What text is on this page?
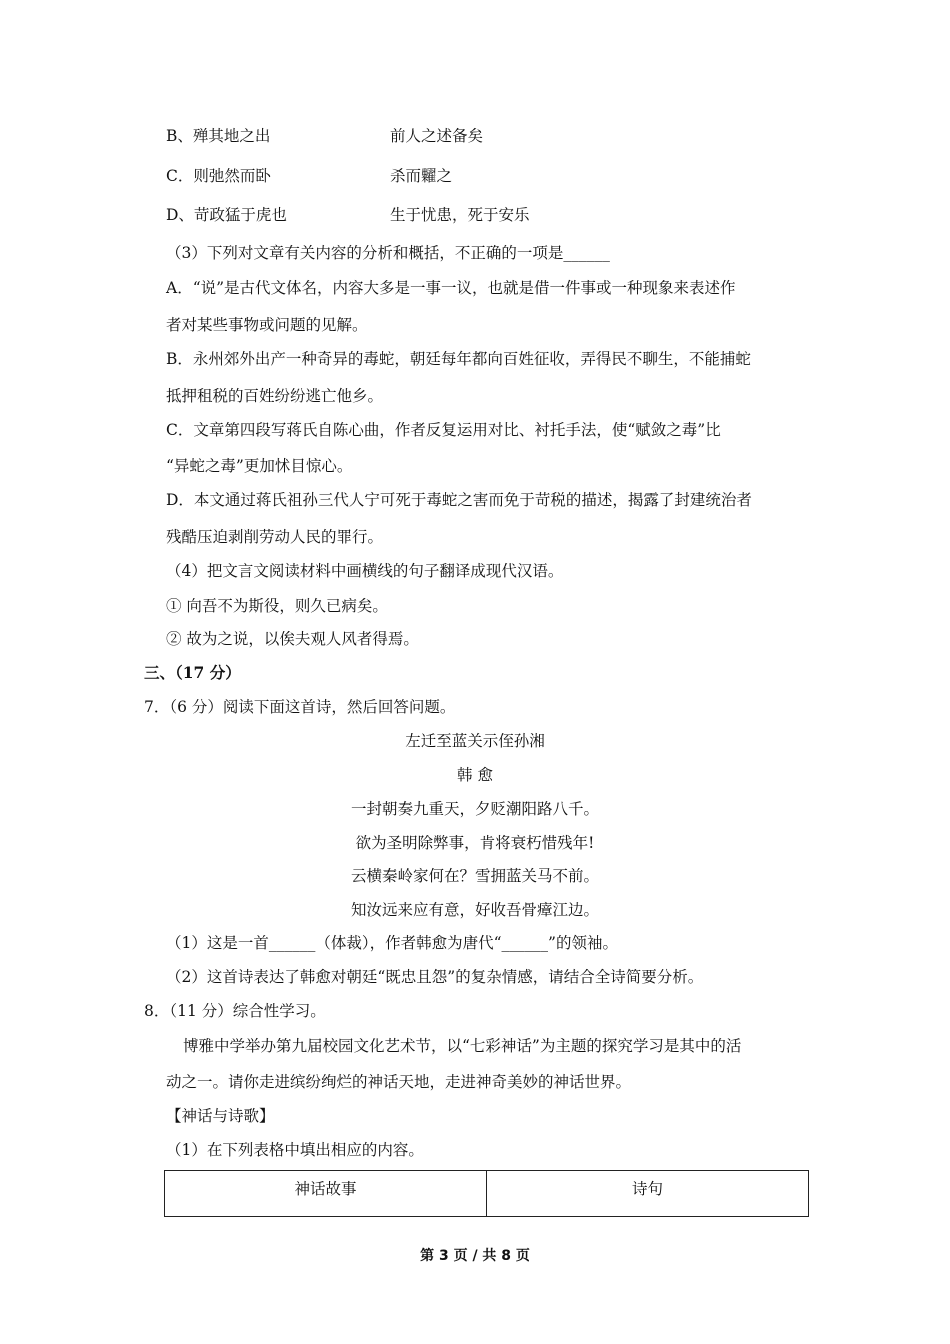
B、殚其地之出	前人之述备矣
C．则弛然而卧	杀而糶之
D、苛政猛于虎也	生于忧患，死于安乐
（3）下列对文章有关内容的分析和概括，不正确的一项是______
A．“说”是古代文体名，内容大多是一事一议，也就是借一件事或一种现象来表述作
者对某些事物或问题的见解。
B．永州郊外出产一种奇异的毒蛇，朝廷每年都向百姓征收，弄得民不聊生，不能捕蛇
抵押租税的百姓纷纷逃亡他乡。
C．文章第四段写蒋氏自陈心曲，作者反复运用对比、衬托手法，使“赋敛之毒”比
“异蛇之毒”更加怵目惊心。
D．本文通过蒋氏祖孙三代人宁可死于毒蛇之害而免于苛税的描述，揭露了封建统治者
残酷压迫剥削劳动人民的罪行。
（4）把文言文阅读材料中画横线的句子翻译成现代汉语。
① 向吾不为斯役，则久已病矣。
② 故为之说，以俟夫观人风者得焉。
三、（17 分）
7．（6 分）阅读下面这首诗，然后回答问题。
左迁至蓝关示侄孙湘
韩 愈
一封朝奏九重天，夕贬潮阳路八千。
欲为圣明除弊事，肯将衰朽惜残年!
云横秦岭家何在？雪拥蓝关马不前。
知汝远来应有意，好收吾骨瘴江边。
（1）这是一首______（体裁），作者韩愈为唐代“______”的领袖。
（2）这首诗表达了韩愈对朝廷“既忠且怨”的复杂情感，请结合全诗简要分析。
8．（11 分）综合性学习。
博雅中学举办第九届校园文化艺术节，以“七彩神话”为主题的探究学习是其中的活
动之一。请你走进缤纷绚烂的神话天地，走进神奇美妙的神话世界。
【神话与诗歌】
（1）在下列表格中填出相应的内容。
神话故事	诗句
第 3 页 / 共 8 页
